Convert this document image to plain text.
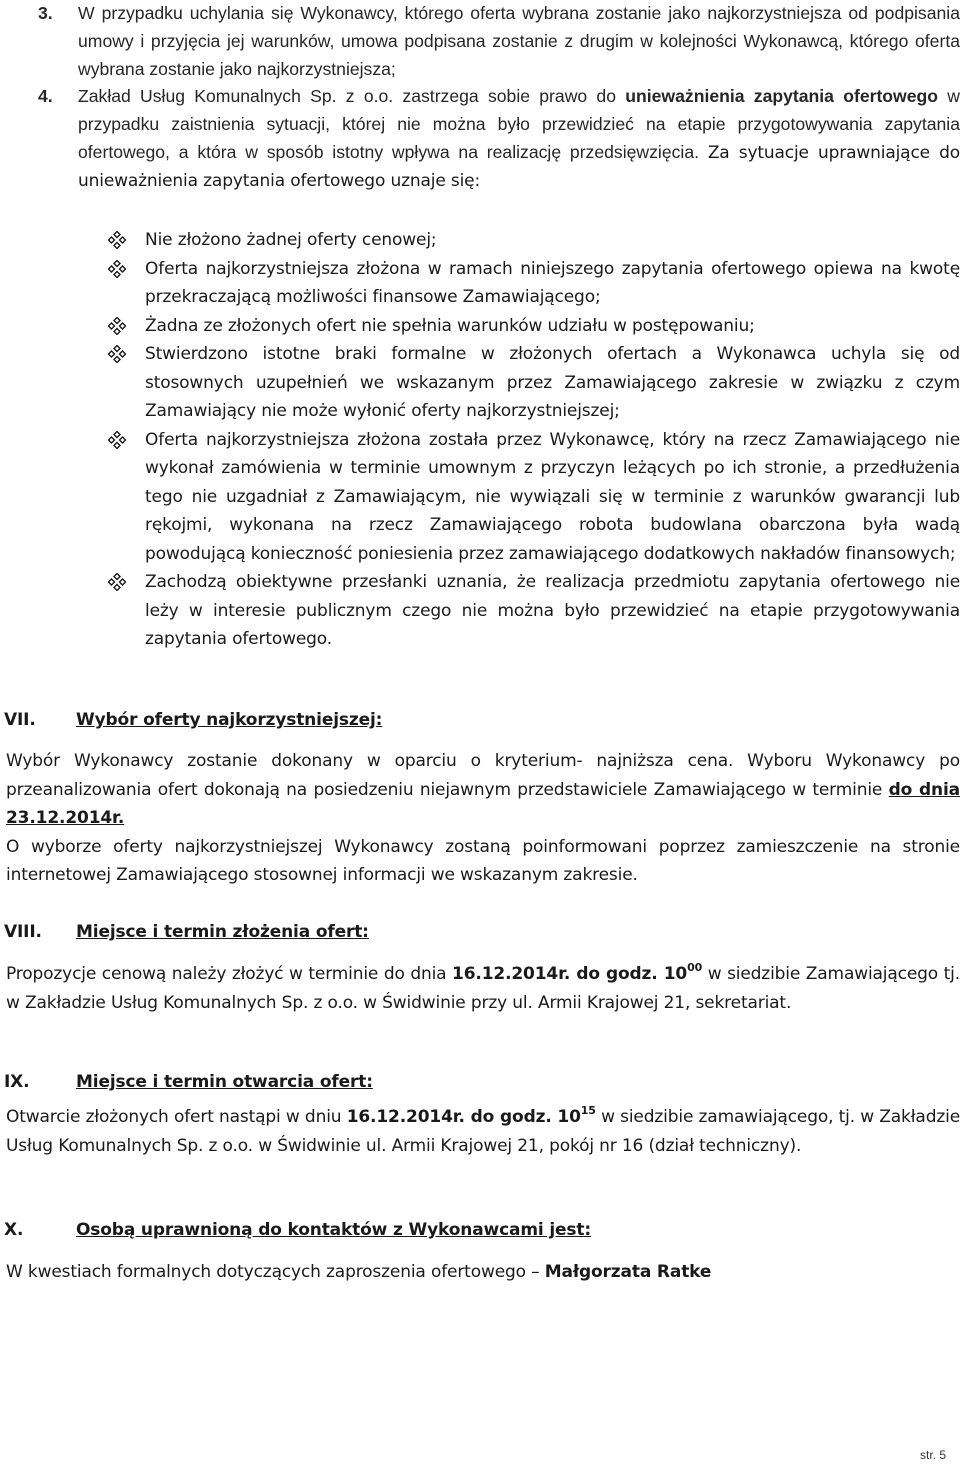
3.	W przypadku uchylania się Wykonawcy, którego oferta wybrana zostanie jako najkorzystniejsza od podpisania umowy i przyjęcia jej warunków, umowa podpisana zostanie z drugim w kolejności Wykonawcą, którego oferta wybrana zostanie jako najkorzystniejsza;

4.	Zakład Usług Komunalnych Sp. z o.o. zastrzega sobie prawo do unieważnienia zapytania ofertowego w przypadku zaistnienia sytuacji, której nie można było przewidzieć na etapie przygotowywania zapytania ofertowego, a która w sposób istotny wpływa na realizację przedsięwzięcia. Za sytuacje uprawniające do unieważnienia zapytania ofertowego uznaje się:

Nie złożono żadnej oferty cenowej;
Oferta najkorzystniejsza złożona w ramach niniejszego zapytania ofertowego opiewa na kwotę przekraczającą możliwości finansowe Zamawiającego;
Żadna ze złożonych ofert nie spełnia warunków udziału w postępowaniu;
Stwierdzono istotne braki formalne w złożonych ofertach a Wykonawca uchyla się od stosownych uzupełnień we wskazanym przez Zamawiającego zakresie w związku z czym Zamawiający nie może wyłonić oferty najkorzystniejszej;
Oferta najkorzystniejsza złożona została przez Wykonawcę, który na rzecz Zamawiającego nie wykonał zamówienia w terminie umownym z przyczyn leżących po ich stronie, a przedłużenia tego nie uzgadniał z Zamawiającym, nie wywiązali się w terminie z warunków gwarancji lub rękojmi, wykonana na rzecz Zamawiającego robota budowlana obarczona była wadą powodującą konieczność poniesienia przez zamawiającego dodatkowych nakładów finansowych;
Zachodzą obiektywne przesłanki uznania, że realizacja przedmiotu zapytania ofertowego nie leży w interesie publicznym czego nie można było przewidzieć na etapie przygotowywania zapytania ofertowego.
VII. Wybór oferty najkorzystniejszej:

Wybór Wykonawcy zostanie dokonany w oparciu o kryterium- najniższa cena. Wyboru Wykonawcy po przeanalizowania ofert dokonają na posiedzeniu niejawnym przedstawiciele Zamawiającego w terminie do dnia 23.12.2014r.

O wyborze oferty najkorzystniejszej Wykonawcy zostaną poinformowani poprzez zamieszczenie na stronie internetowej Zamawiającego stosownej informacji we wskazanym zakresie.

VIII. Miejsce i termin złożenia ofert:

Propozycje cenową należy złożyć w terminie do dnia 16.12.2014r. do godz. $10^{00}$ w siedzibie Zamawiającego tj. w Zakładzie Usług Komunalnych Sp. z o.o. w Świdwinie przy ul. Armii Krajowej 21, sekretariat.

IX.	Miejsce i termin otwarcia ofert:

Otwarcie złożonych ofert nastąpi w dniu 16.12.2014r. do godz. $10^{15}$ w siedzibie zamawiającego, tj. w Zakładzie Usług Komunalnych Sp. z o.o. w Świdwinie ul. Armii Krajowej 21, pokój nr 16 (dział techniczny).

X.	Osobą uprawnioną do kontaktów z Wykonawcami jest:

W kwestiach formalnych dotyczących zaproszenia ofertowego – Małgorzata Ratke

str. 5
